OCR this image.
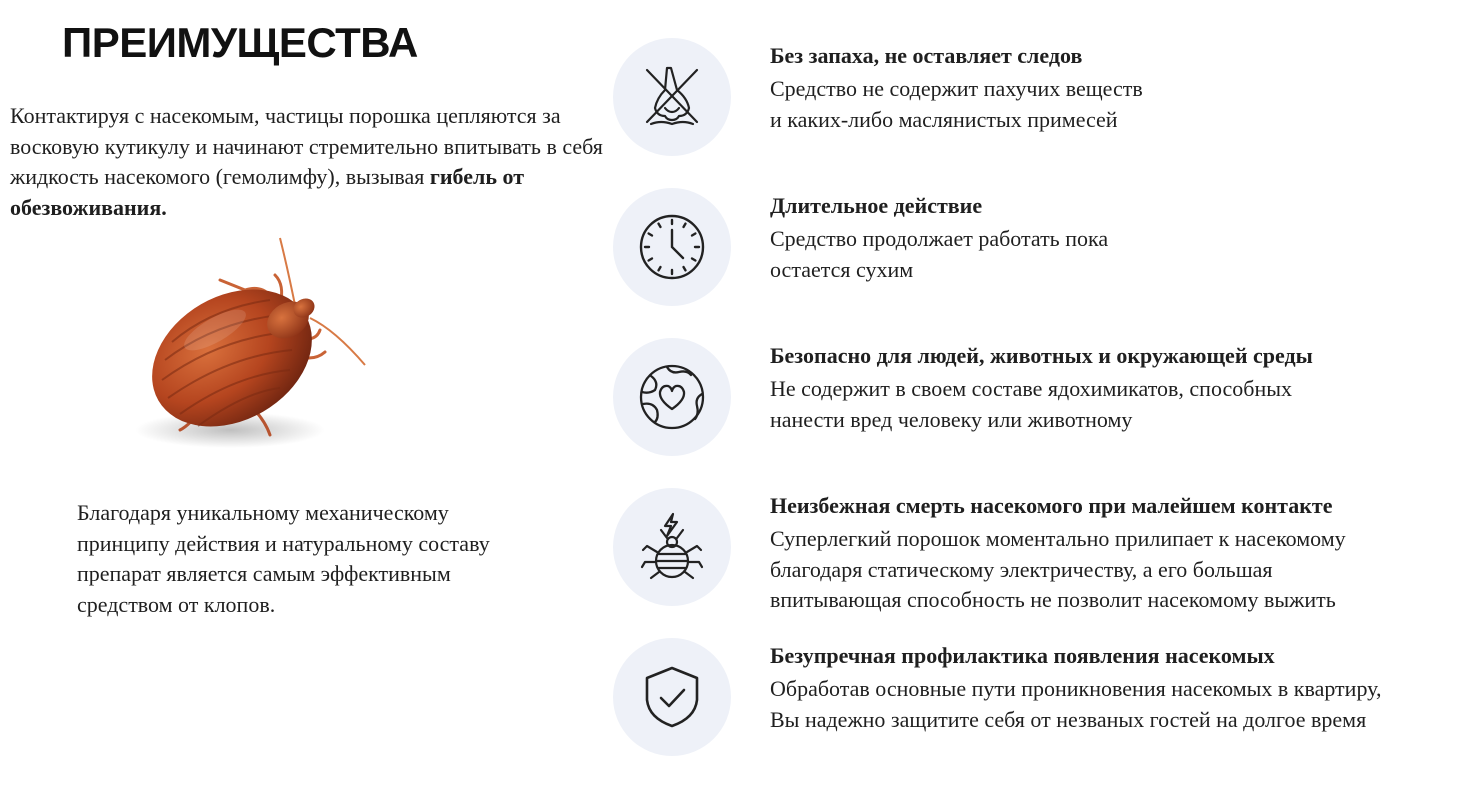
ПРЕИМУЩЕСТВА

Контактируя с насекомым, частицы порошка цепляются за восковую кутикулу и начинают стремительно впитывать в себя жидкость насекомого (гемолимфу), вызывая гибель от обезвоживания.

Благодаря уникальному механическому принципу действия и натуральному составу препарат является самым эффективным средством от клопов.

Без запаха, не оставляет следов

Средство не содержит пахучих веществ
и каких-либо маслянистых примесей

Длительное действие

Средство продолжает работать пока
остается сухим

Безопасно для людей, животных и окружающей среды

Не содержит в своем составе ядохимикатов, способных
нанести вред человеку или животному

Неизбежная смерть насекомого при малейшем контакте

Суперлегкий порошок моментально прилипает к насекомому
благодаря статическому электричеству, а его большая
впитывающая способность не позволит насекомому выжить

Безупречная профилактика появления насекомых

Обработав основные пути проникновения насекомых в квартиру,
Вы надежно защитите себя от незваных гостей на долгое время
